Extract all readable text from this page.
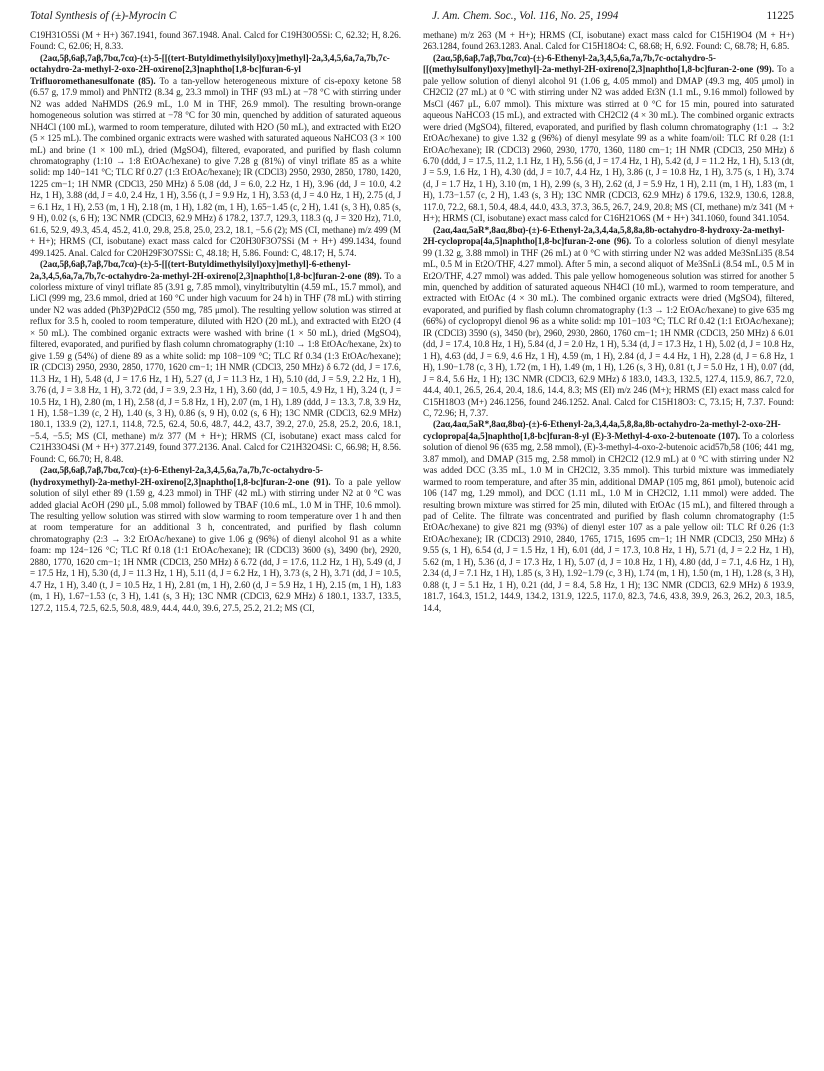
Total Synthesis of (±)-Myrocin C	J. Am. Chem. Soc., Vol. 116, No. 25, 1994	11225

C19H31O5Si (M + H+) 367.1941, found 367.1948. Anal. Calcd for C19H30O5Si: C, 62.32; H, 8.26. Found: C, 62.06; H, 8.33.

(2aα,5β,6aβ,7aβ,7bα,7cα)-(±)-5-[[(tert-Butyldimethylsilyl)oxy]methyl]-2a,3,4,5,6a,7a,7b,7c-octahydro-2a-methyl-2-oxo-2H-oxireno[2,3]naphtho[1,8-bc]furan-6-yl Trifluoromethanesulfonate (85). To a tan-yellow heterogeneous mixture of cis-epoxy ketone 58 (6.57 g, 17.9 mmol) and PhNTf2 (8.34 g, 23.3 mmol) in THF (93 mL) at −78 °C with stirring under N2 was added NaHMDS (26.9 mL, 1.0 M in THF, 26.9 mmol). The resulting brown-orange homogeneous solution was stirred at −78 °C for 30 min, quenched by addition of saturated aqueous NH4Cl (100 mL), warmed to room temperature, diluted with H2O (50 mL), and extracted with Et2O (5 × 125 mL). The combined organic extracts were washed with saturated aqueous NaHCO3 (3 × 100 mL) and brine (1 × 100 mL), dried (MgSO4), filtered, evaporated, and purified by flash column chromatography (1:10 → 1:8 EtOAc/hexane) to give 7.28 g (81%) of vinyl triflate 85 as a white solid: mp 140−141 °C; TLC Rf 0.27 (1:3 EtOAc/hexane); IR (CDCl3) 2950, 2930, 2850, 1780, 1420, 1225 cm−1; 1H NMR (CDCl3, 250 MHz) δ 5.08 (dd, J = 6.0, 2.2 Hz, 1 H), 3.96 (dd, J = 10.0, 4.2 Hz, 1 H), 3.88 (dd, J = 4.0, 2.4 Hz, 1 H), 3.56 (t, J = 9.9 Hz, 1 H), 3.53 (d, J = 4.0 Hz, 1 H), 2.75 (d, J = 6.1 Hz, 1 H), 2.53 (m, 1 H), 2.18 (m, 1 H), 1.82 (m, 1 H), 1.65−1.45 (c, 2 H), 1.41 (s, 3 H), 0.85 (s, 9 H), 0.02 (s, 6 H); 13C NMR (CDCl3, 62.9 MHz) δ 178.2, 137.7, 129.3, 118.3 (q, J = 320 Hz), 71.0, 61.6, 52.9, 49.3, 45.4, 45.2, 41.0, 29.8, 25.8, 25.0, 23.2, 18.1, −5.6 (2); MS (CI, methane) m/z 499 (M + H+); HRMS (CI, isobutane) exact mass calcd for C20H30F3O7SSi (M + H+) 499.1434, found 499.1425. Anal. Calcd for C20H29F3O7SSi: C, 48.18; H, 5.86. Found: C, 48.17; H, 5.74.

(2aα,5β,6aβ,7aβ,7bα,7cα)-(±)-5-[[(tert-Butyldimethylsilyl)oxy]methyl]-6-ethenyl-2a,3,4,5,6a,7a,7b,7c-octahydro-2a-methyl-2H-oxireno[2,3]naphtho[1,8-bc]furan-2-one (89). To a colorless mixture of vinyl triflate 85 (3.91 g, 7.85 mmol), vinyltributyltin (4.59 mL, 15.7 mmol), and LiCl (999 mg, 23.6 mmol, dried at 160 °C under high vacuum for 24 h) in THF (78 mL) with stirring under N2 was added (Ph3P)2PdCl2 (550 mg, 785 μmol). The resulting yellow solution was stirred at reflux for 3.5 h, cooled to room temperature, diluted with H2O (20 mL), and extracted with Et2O (4 × 50 mL). The combined organic extracts were washed with brine (1 × 50 mL), dried (MgSO4), filtered, evaporated, and purified by flash column chromatography (1:10 → 1:8 EtOAc/hexane, 2x) to give 1.59 g (54%) of diene 89 as a white solid: mp 108−109 °C; TLC Rf 0.34 (1:3 EtOAc/hexane); IR (CDCl3) 2950, 2930, 2850, 1770, 1620 cm−1; 1H NMR (CDCl3, 250 MHz) δ 6.72 (dd, J = 17.6, 11.3 Hz, 1 H), 5.48 (d, J = 17.6 Hz, 1 H), 5.27 (d, J = 11.3 Hz, 1 H), 5.10 (dd, J = 5.9, 2.2 Hz, 1 H), 3.76 (d, J = 3.8 Hz, 1 H), 3.72 (dd, J = 3.9, 2.3 Hz, 1 H), 3.60 (dd, J = 10.5, 4.9 Hz, 1 H), 3.24 (t, J = 10.5 Hz, 1 H), 2.80 (m, 1 H), 2.58 (d, J = 5.8 Hz, 1 H), 2.07 (m, 1 H), 1.89 (ddd, J = 13.3, 7.8, 3.9 Hz, 1 H), 1.58−1.39 (c, 2 H), 1.40 (s, 3 H), 0.86 (s, 9 H), 0.02 (s, 6 H); 13C NMR (CDCl3, 62.9 MHz) 180.1, 133.9 (2), 127.1, 114.8, 72.5, 62.4, 50.6, 48.7, 44.2, 43.7, 39.2, 27.0, 25.8, 25.2, 20.6, 18.1, −5.4, −5.5; MS (CI, methane) m/z 377 (M + H+); HRMS (CI, isobutane) exact mass calcd for C21H33O4Si (M + H+) 377.2149, found 377.2136. Anal. Calcd for C21H32O4Si: C, 66.98; H, 8.56. Found: C, 66.70; H, 8.48.

(2aα,5β,6aβ,7aβ,7bα,7cα)-(±)-6-Ethenyl-2a,3,4,5,6a,7a,7b,7c-octahydro-5-(hydroxymethyl)-2a-methyl-2H-oxireno[2,3]naphtho[1,8-bc]furan-2-one (91). To a pale yellow solution of silyl ether 89 (1.59 g, 4.23 mmol) in THF (42 mL) with stirring under N2 at 0 °C was added glacial AcOH (290 μL, 5.08 mmol) followed by TBAF (10.6 mL, 1.0 M in THF, 10.6 mmol). The resulting yellow solution was stirred with slow warming to room temperature over 1 h and then at room temperature for an additional 3 h, concentrated, and purified by flash column chromatography (2:3 → 3:2 EtOAc/hexane) to give 1.06 g (96%) of dienyl alcohol 91 as a white foam: mp 124−126 °C; TLC Rf 0.18 (1:1 EtOAc/hexane); IR (CDCl3) 3600 (s), 3490 (br), 2920, 2880, 1770, 1620 cm−1; 1H NMR (CDCl3, 250 MHz) δ 6.72 (dd, J = 17.6, 11.2 Hz, 1 H), 5.49 (d, J = 17.5 Hz, 1 H), 5.30 (d, J = 11.3 Hz, 1 H), 5.11 (d, J = 6.2 Hz, 1 H), 3.73 (s, 2 H), 3.71 (dd, J = 10.5, 4.7 Hz, 1 H), 3.40 (t, J = 10.5 Hz, 1 H), 2.81 (m, 1 H), 2.60 (d, J = 5.9 Hz, 1 H), 2.15 (m, 1 H), 1.83 (m, 1 H), 1.67−1.53 (c, 3 H), 1.41 (s, 3 H); 13C NMR (CDCl3, 62.9 MHz) δ 180.1, 133.7, 133.5, 127.2, 115.4, 72.5, 62.5, 50.8, 48.9, 44.4, 44.0, 39.6, 27.5, 25.2, 21.2; MS (CI,

methane) m/z 263 (M + H+); HRMS (CI, isobutane) exact mass calcd for C15H19O4 (M + H+) 263.1284, found 263.1283. Anal. Calcd for C15H18O4: C, 68.68; H, 6.92. Found: C, 68.78; H, 6.85.

(2aα,5β,6aβ,7aβ,7bα,7cα)-(±)-6-Ethenyl-2a,3,4,5,6a,7a,7b,7c-octahydro-5-[[(methylsulfonyl)oxy]methyl]-2a-methyl-2H-oxireno[2,3]naphtho[1,8-bc]furan-2-one (99). To a pale yellow solution of dienyl alcohol 91 (1.06 g, 4.05 mmol) and DMAP (49.3 mg, 405 μmol) in CH2Cl2 (27 mL) at 0 °C with stirring under N2 was added Et3N (1.1 mL, 9.16 mmol) followed by MsCl (467 μL, 6.07 mmol). This mixture was stirred at 0 °C for 15 min, poured into saturated aqueous NaHCO3 (15 mL), and extracted with CH2Cl2 (4 × 30 mL). The combined organic extracts were dried (MgSO4), filtered, evaporated, and purified by flash column chromatography (1:1 → 3:2 EtOAc/hexane) to give 1.32 g (96%) of dienyl mesylate 99 as a white foam/oil: TLC Rf 0.28 (1:1 EtOAc/hexane); IR (CDCl3) 2960, 2930, 1770, 1360, 1180 cm−1; 1H NMR (CDCl3, 250 MHz) δ 6.70 (ddd, J = 17.5, 11.2, 1.1 Hz, 1 H), 5.56 (d, J = 17.4 Hz, 1 H), 5.42 (d, J = 11.2 Hz, 1 H), 5.13 (dt, J = 5.9, 1.6 Hz, 1 H), 4.30 (dd, J = 10.7, 4.4 Hz, 1 H), 3.86 (t, J = 10.8 Hz, 1 H), 3.75 (s, 1 H), 3.74 (d, J = 1.7 Hz, 1 H), 3.10 (m, 1 H), 2.99 (s, 3 H), 2.62 (d, J = 5.9 Hz, 1 H), 2.11 (m, 1 H), 1.83 (m, 1 H), 1.73−1.57 (c, 2 H), 1.43 (s, 3 H); 13C NMR (CDCl3, 62.9 MHz) δ 179.6, 132.9, 130.6, 128.8, 117.0, 72.2, 68.1, 50.4, 48.4, 44.0, 43.3, 37.3, 36.5, 26.7, 24.9, 20.8; MS (CI, methane) m/z 341 (M + H+); HRMS (CI, isobutane) exact mass calcd for C16H21O6S (M + H+) 341.1060, found 341.1054.

(2aα,4aα,5aR*,8aα,8bα)-(±)-6-Ethenyl-2a,3,4,4a,5,8,8a,8b-octahydro-8-hydroxy-2a-methyl-2H-cyclopropa[4a,5]naphtho[1,8-bc]furan-2-one (96). To a colorless solution of dienyl mesylate 99 (1.32 g, 3.88 mmol) in THF (26 mL) at 0 °C with stirring under N2 was added Me3SnLi35 (8.54 mL, 0.5 M in Et2O/THF, 4.27 mmol). After 5 min, a second aliquot of Me3SnLi (8.54 mL, 0.5 M in Et2O/THF, 4.27 mmol) was added. This pale yellow homogeneous solution was stirred for another 5 min, quenched by addition of saturated aqueous NH4Cl (10 mL), warmed to room temperature, and extracted with EtOAc (4 × 30 mL). The combined organic extracts were dried (MgSO4), filtered, evaporated, and purified by flash column chromatography (1:3 → 1:2 EtOAc/hexane) to give 635 mg (66%) of cyclopropyl dienol 96 as a white solid: mp 101−103 °C; TLC Rf 0.42 (1:1 EtOAc/hexane); IR (CDCl3) 3590 (s), 3450 (br), 2960, 2930, 2860, 1760 cm−1; 1H NMR (CDCl3, 250 MHz) δ 6.01 (dd, J = 17.4, 10.8 Hz, 1 H), 5.84 (d, J = 2.0 Hz, 1 H), 5.34 (d, J = 17.3 Hz, 1 H), 5.02 (d, J = 10.8 Hz, 1 H), 4.63 (dd, J = 6.9, 4.6 Hz, 1 H), 4.59 (m, 1 H), 2.84 (d, J = 4.4 Hz, 1 H), 2.28 (d, J = 6.8 Hz, 1 H), 1.90−1.78 (c, 3 H), 1.72 (m, 1 H), 1.49 (m, 1 H), 1.26 (s, 3 H), 0.81 (t, J = 5.0 Hz, 1 H), 0.07 (dd, J = 8.4, 5.6 Hz, 1 H); 13C NMR (CDCl3, 62.9 MHz) δ 183.0, 143.3, 132.5, 127.4, 115.9, 86.7, 72.0, 44.4, 40.1, 26.5, 26.4, 20.4, 18.6, 14.4, 8.3; MS (EI) m/z 246 (M+); HRMS (EI) exact mass calcd for C15H18O3 (M+) 246.1256, found 246.1252. Anal. Calcd for C15H18O3: C, 73.15; H, 7.37. Found: C, 72.96; H, 7.37.

(2aα,4aα,5aR*,8aα,8bα)-(±)-6-Ethenyl-2a,3,4,4a,5,8,8a,8b-octahydro-2a-methyl-2-oxo-2H-cyclopropa[4a,5]naphtho[1,8-bc]furan-8-yl (E)-3-Methyl-4-oxo-2-butenoate (107). To a colorless solution of dienol 96 (635 mg, 2.58 mmol), (E)-3-methyl-4-oxo-2-butenoic acid57b,58 (106; 441 mg, 3.87 mmol), and DMAP (315 mg, 2.58 mmol) in CH2Cl2 (12.9 mL) at 0 °C with stirring under N2 was added DCC (3.35 mL, 1.0 M in CH2Cl2, 3.35 mmol). This turbid mixture was immediately warmed to room temperature, and after 35 min, additional DMAP (105 mg, 861 μmol), butenoic acid 106 (147 mg, 1.29 mmol), and DCC (1.11 mL, 1.0 M in CH2Cl2, 1.11 mmol) were added. The resulting brown mixture was stirred for 25 min, diluted with EtOAc (15 mL), and filtered through a pad of Celite. The filtrate was concentrated and purified by flash column chromatography (1:5 EtOAc/hexane) to give 821 mg (93%) of dienyl ester 107 as a pale yellow oil: TLC Rf 0.26 (1:3 EtOAc/hexane); IR (CDCl3) 2910, 2840, 1765, 1715, 1695 cm−1; 1H NMR (CDCl3, 250 MHz) δ 9.55 (s, 1 H), 6.54 (d, J = 1.5 Hz, 1 H), 6.01 (dd, J = 17.3, 10.8 Hz, 1 H), 5.71 (d, J = 2.2 Hz, 1 H), 5.62 (m, 1 H), 5.36 (d, J = 17.3 Hz, 1 H), 5.07 (d, J = 10.8 Hz, 1 H), 4.80 (dd, J = 7.1, 4.6 Hz, 1 H), 2.34 (d, J = 7.1 Hz, 1 H), 1.85 (s, 3 H), 1.92−1.79 (c, 3 H), 1.74 (m, 1 H), 1.50 (m, 1 H), 1.28 (s, 3 H), 0.88 (t, J = 5.1 Hz, 1 H), 0.21 (dd, J = 8.4, 5.8 Hz, 1 H); 13C NMR (CDCl3, 62.9 MHz) δ 193.9, 181.7, 164.3, 151.2, 144.9, 134.2, 131.9, 122.5, 117.0, 82.3, 74.6, 43.8, 39.9, 26.3, 26.2, 20.3, 18.5, 14.4,
